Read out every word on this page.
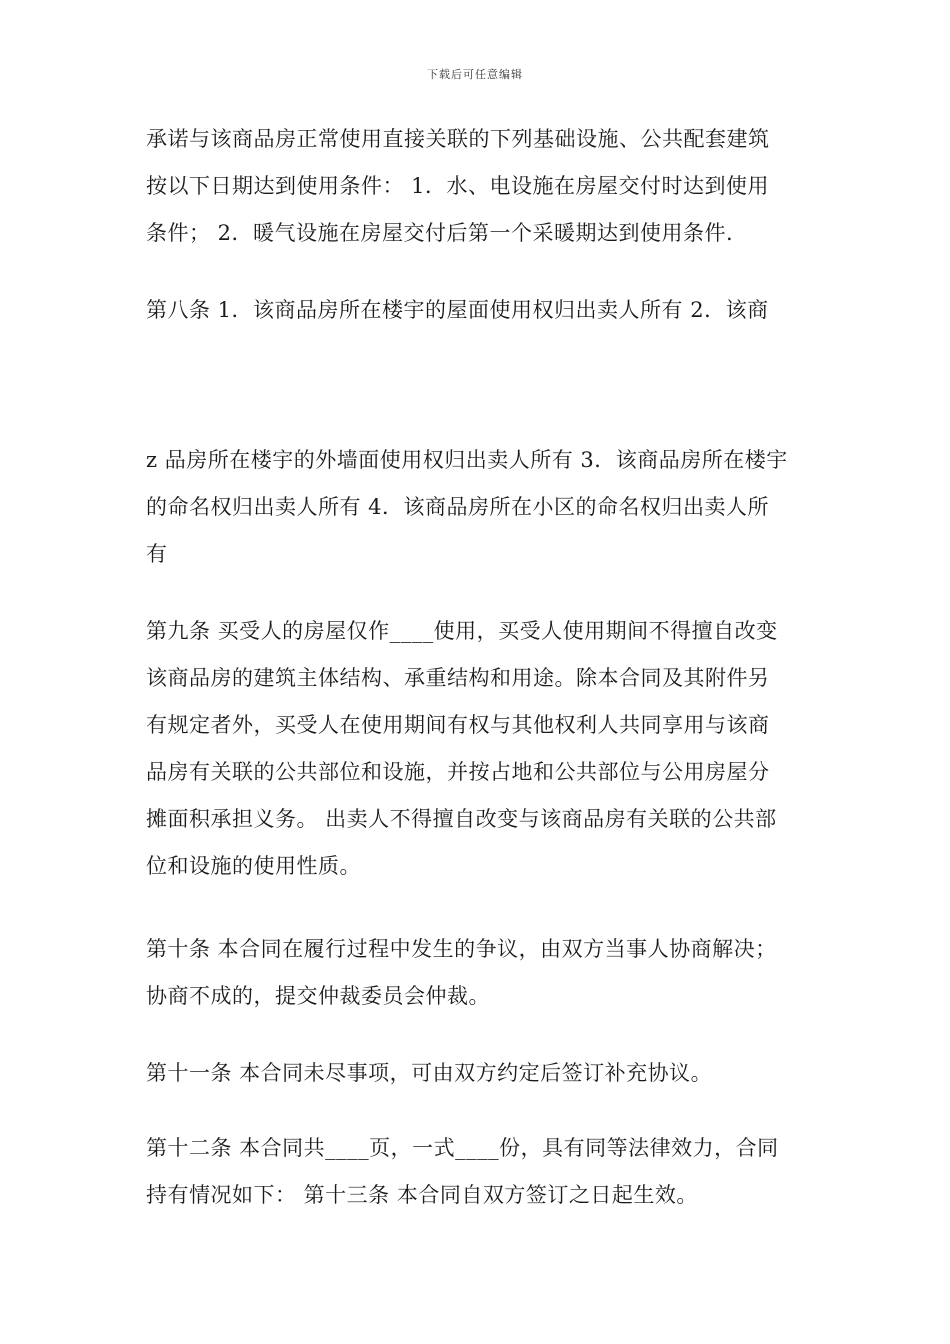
下载后可任意编辑
承诺与该商品房正常使用直接关联的下列基础设施、公共配套建筑
按以下日期达到使用条件： 1．水、电设施在房屋交付时达到使用
条件； 2．暖气设施在房屋交付后第一个采暖期达到使用条件.
第八条 1．该商品房所在楼宇的屋面使用权归出卖人所有 2．该商
z 品房所在楼宇的外墙面使用权归出卖人所有 3．该商品房所在楼宇
的命名权归出卖人所有 4．该商品房所在小区的命名权归出卖人所
有
第九条 买受人的房屋仅作____使用，买受人使用期间不得擅自改变
该商品房的建筑主体结构、承重结构和用途。除本合同及其附件另
有规定者外，买受人在使用期间有权与其他权利人共同享用与该商
品房有关联的公共部位和设施，并按占地和公共部位与公用房屋分
摊面积承担义务。 出卖人不得擅自改变与该商品房有关联的公共部
位和设施的使用性质。
第十条 本合同在履行过程中发生的争议，由双方当事人协商解决；
协商不成的，提交仲裁委员会仲裁。
第十一条 本合同未尽事项，可由双方约定后签订补充协议。
第十二条 本合同共____页，一式____份，具有同等法律效力，合同
持有情况如下： 第十三条 本合同自双方签订之日起生效。
